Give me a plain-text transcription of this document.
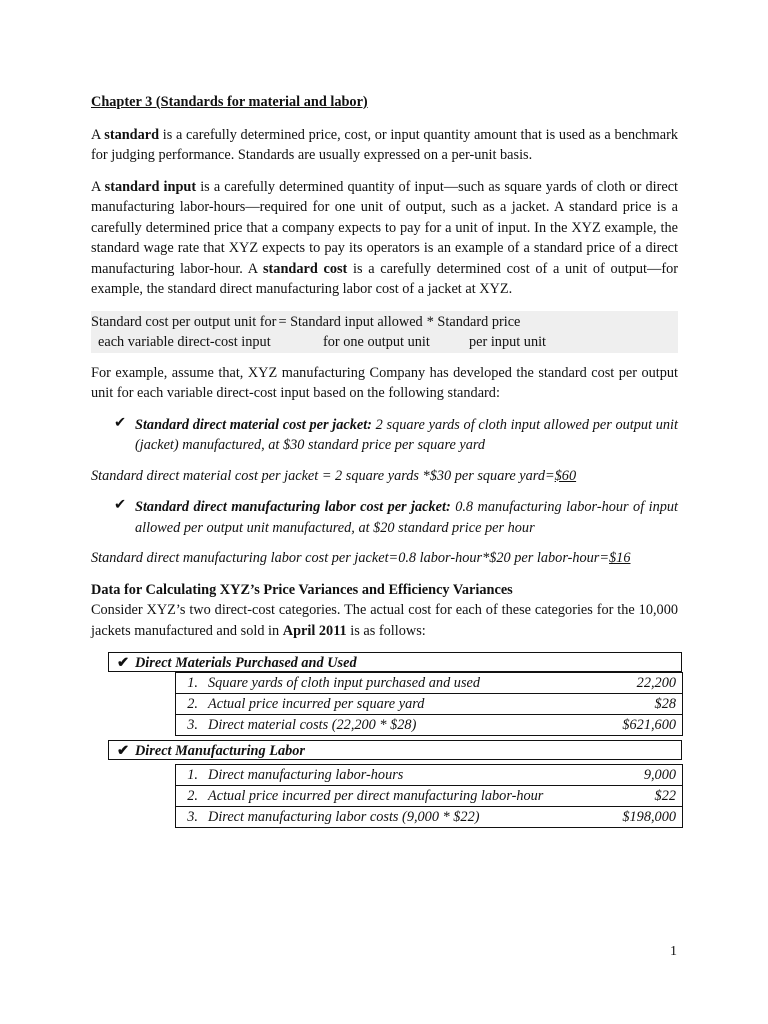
Chapter 3 (Standards for material and labor)

A standard is a carefully determined price, cost, or input quantity amount that is used as a benchmark for judging performance. Standards are usually expressed on a per-unit basis.

A standard input is a carefully determined quantity of input—such as square yards of cloth or direct manufacturing labor-hours—required for one unit of output, such as a jacket. A standard price is a carefully determined price that a company expects to pay for a unit of input. In the XYZ example, the standard wage rate that XYZ expects to pay its operators is an example of a standard price of a direct manufacturing labor-hour. A standard cost is a carefully determined cost of a unit of output—for example, the standard direct manufacturing labor cost of a jacket at XYZ.

Standard cost per output unit for = Standard input allowed * Standard price
each variable direct-cost input	for one output unit	per input unit

For example, assume that, XYZ manufacturing Company has developed the standard cost per output unit for each variable direct-cost input based on the following standard:

✔ Standard direct material cost per jacket: 2 square yards of cloth input allowed per output unit (jacket) manufactured, at $30 standard price per square yard

Standard direct material cost per jacket = 2 square yards *$30 per square yard=$60

✔ Standard direct manufacturing labor cost per jacket: 0.8 manufacturing labor-hour of input allowed per output unit manufactured, at $20 standard price per hour

Standard direct manufacturing labor cost per jacket=0.8 labor-hour*$20 per labor-hour=$16

Data for Calculating XYZ’s Price Variances and Efficiency Variances

Consider XYZ’s two direct-cost categories. The actual cost for each of these categories for the 10,000 jackets manufactured and sold in April 2011 is as follows:

✔ Direct Materials Purchased and Used
1.	Square yards of cloth input purchased and used	22,200
2.	Actual price incurred per square yard	$28
3.	Direct material costs (22,200 * $28)	$621,600
✔ Direct Manufacturing Labor
1.	Direct manufacturing labor-hours	9,000
2.	Actual price incurred per direct manufacturing labor-hour	$22
3.	Direct manufacturing labor costs (9,000 * $22)	$198,000
1
